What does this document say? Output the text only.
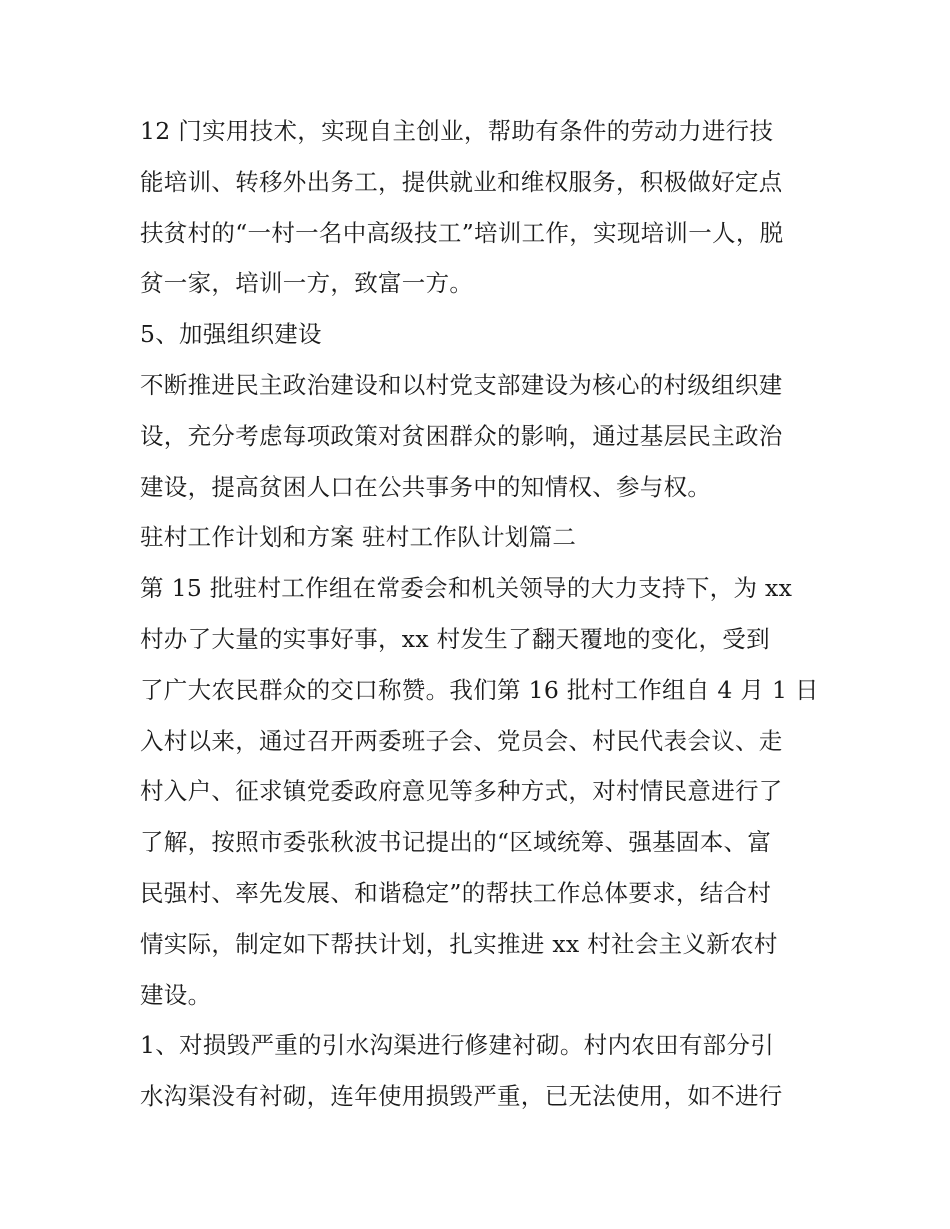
12 门实用技术，实现自主创业，帮助有条件的劳动力进行技
能培训、转移外出务工，提供就业和维权服务，积极做好定点
扶贫村的“一村一名中高级技工”培训工作，实现培训一人，脱
贫一家，培训一方，致富一方。
5、加强组织建设
不断推进民主政治建设和以村党支部建设为核心的村级组织建
设，充分考虑每项政策对贫困群众的影响，通过基层民主政治
建设，提高贫困人口在公共事务中的知情权、参与权。
驻村工作计划和方案 驻村工作队计划篇二
第 15 批驻村工作组在常委会和机关领导的大力支持下，为 xx
村办了大量的实事好事，xx 村发生了翻天覆地的变化，受到
了广大农民群众的交口称赞。我们第 16 批村工作组自 4 月 1 日
入村以来，通过召开两委班子会、党员会、村民代表会议、走
村入户、征求镇党委政府意见等多种方式，对村情民意进行了
了解，按照市委张秋波书记提出的“区域统筹、强基固本、富
民强村、率先发展、和谐稳定”的帮扶工作总体要求，结合村
情实际，制定如下帮扶计划，扎实推进 xx 村社会主义新农村
建设。
1、对损毁严重的引水沟渠进行修建衬砌。村内农田有部分引
水沟渠没有衬砌，连年使用损毁严重，已无法使用，如不进行
